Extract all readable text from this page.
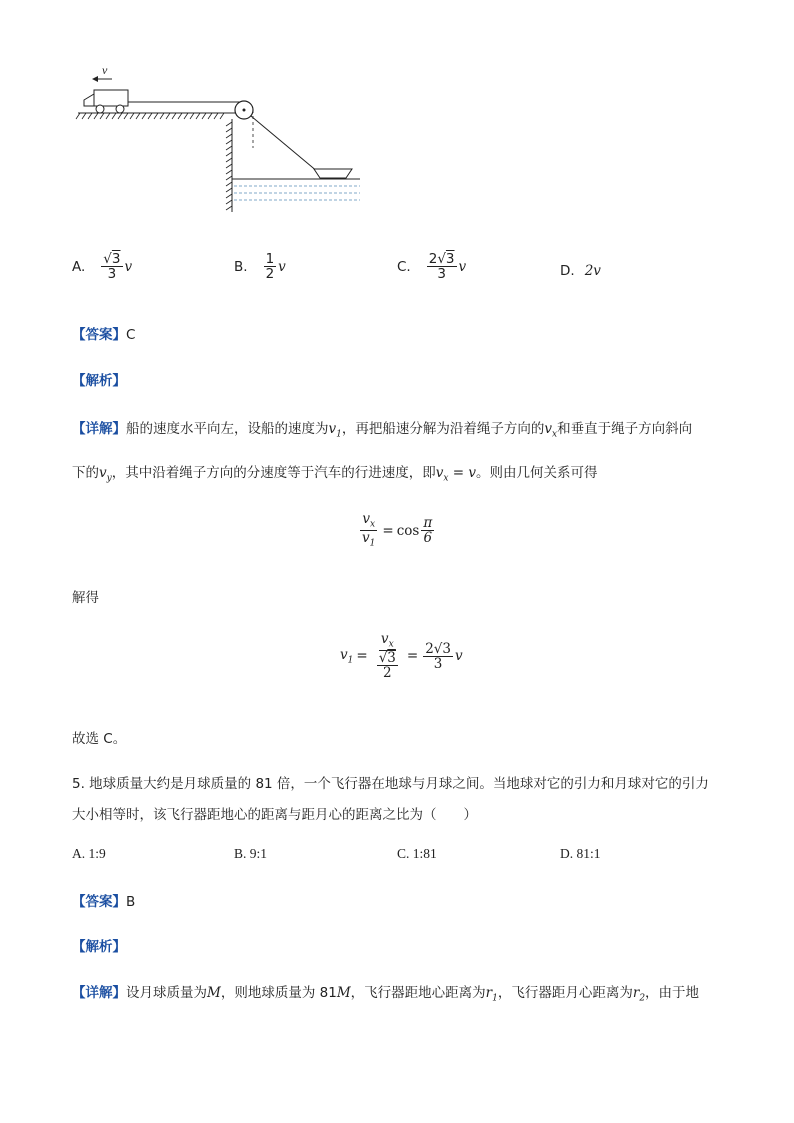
v
A. $\frac{√3}{3}$ v	B. $\frac{1}{2}$ v	C. $\frac{2√3}{3}$ v	D. 2v
【答案】C
【解析】
【详解】船的速度水平向左，设船的速度为$v_1$，再把船速分解为沿着绳子方向的$v_x$和垂直于绳子方向斜向
下的$v_y$，其中沿着绳子方向的分速度等于汽车的行进速度，即$v_x = v$。则由几何关系可得
$\frac{v_x}{v_1} = \cos \frac{\pi}{6}$
解得
$v_1 = \frac{v_x}{\frac{√3}{2}} = \frac{2√3}{3}$ v
故选 C。
5. 地球质量大约是月球质量的 81 倍，一个飞行器在地球与月球之间。当地球对它的引力和月球对它的引力
大小相等时，该飞行器距地心的距离与距月心的距离之比为（　　）
A. 1:9	B. 9:1	C. 1:81	D. 81:1
【答案】B
【解析】
【详解】设月球质量为M，则地球质量为 81M，飞行器距地心距离为$r_1$，飞行器距月心距离为$r_2$，由于地
